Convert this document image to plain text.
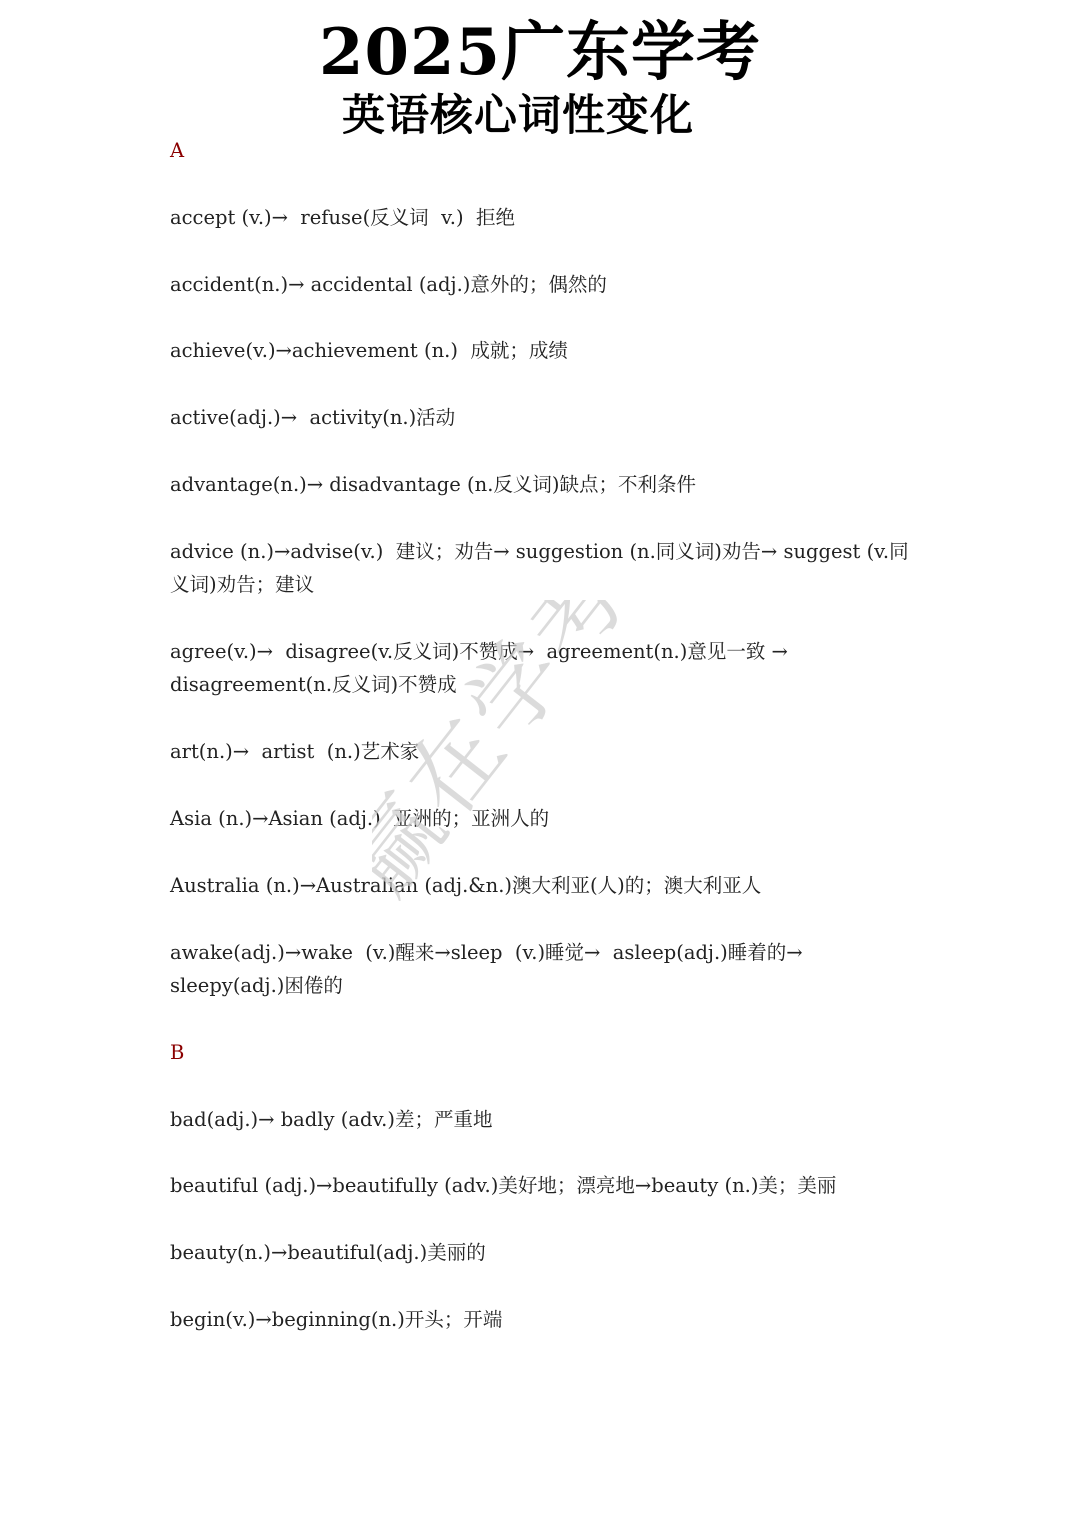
2025广东学考
英语核心词性变化
A
accept (v.)→  refuse(反义词  v.)  拒绝
accident(n.)→ accidental (adj.)意外的；偶然的
achieve(v.)→achievement (n.)  成就；成绩
active(adj.)→  activity(n.)活动
advantage(n.)→ disadvantage (n.反义词)缺点；不利条件
advice (n.)→advise(v.)  建议；劝告→ suggestion (n.同义词)劝告→ suggest (v.同义词)劝告；建议
agree(v.)→  disagree(v.反义词)不赞成→  agreement(n.)意见一致 →  disagreement(n.反义词)不赞成
art(n.)→  artist  (n.)艺术家
Asia (n.)→Asian (adj.)  亚洲的；亚洲人的
Australia (n.)→Australian (adj.&n.)澳大利亚(人)的；澳大利亚人
awake(adj.)→wake  (v.)醒来→sleep  (v.)睡觉→  asleep(adj.)睡着的→  sleepy(adj.)困倦的
B
bad(adj.)→ badly (adv.)差；严重地
beautiful (adj.)→beautifully (adv.)美好地；漂亮地→beauty (n.)美；美丽
beauty(n.)→beautiful(adj.)美丽的
begin(v.)→beginning(n.)开头；开端
赢在学考
